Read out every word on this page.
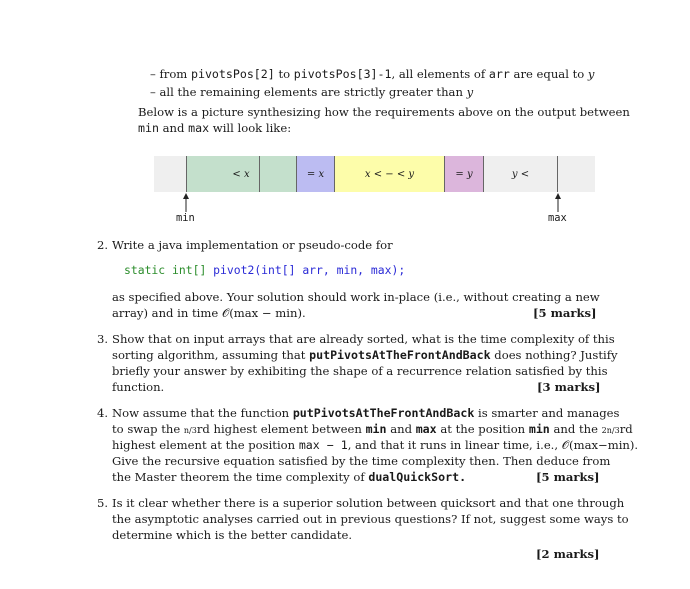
– from pivotsPos[2] to pivotsPos[3]-1, all elements of arr are equal to y
– all the remaining elements are strictly greater than y
Below is a picture synthesizing how the requirements above on the output between
min and max will look like:
< x	= x	x < − < y	= y	y <
min	max
2. Write a java implementation or pseudo-code for
static int[] pivot2(int[] arr, min, max);
as specified above. Your solution should work in-place (i.e., without creating a new
array) and in time 𝒪(max − min).	[5 marks]
3. Show that on input arrays that are already sorted, what is the time complexity of this
sorting algorithm, assuming that putPivotsAtTheFrontAndBack does nothing? Justify
briefly your answer by exhibiting the shape of a recurrence relation satisfied by this
function.	[3 marks]
4. Now assume that the function putPivotsAtTheFrontAndBack is smarter and manages
to swap the n/3rd highest element between min and max at the position min and the 2n/3rd
highest element at the position max − 1, and that it runs in linear time, i.e., 𝒪(max−min).
Give the recursive equation satisfied by the time complexity then. Then deduce from
the Master theorem the time complexity of dualQuickSort.	[5 marks]
5. Is it clear whether there is a superior solution between quicksort and that one through
the asymptotic analyses carried out in previous questions? If not, suggest some ways to
determine which is the better candidate.
[2 marks]
